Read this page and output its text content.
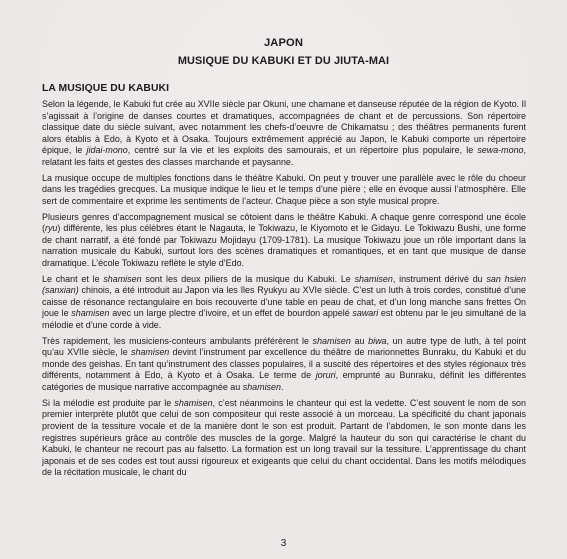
JAPON
MUSIQUE DU KABUKI ET DU JIUTA-MAI
LA MUSIQUE DU KABUKI

Selon la légende, le Kabuki fut crée au XVIIe siècle par Okuni, une chamane et danseuse réputée de la région de Kyoto. Il s’agissait à l’origine de danses courtes et dramatiques, accompagnées de chant et de percussions. Son répertoire classique date du siècle suivant, avec notamment les chefs-d’oeuvre de Chikamatsu ; des théâtres permanents furent alors établis à Edo, à Kyoto et à Osaka. Toujours extrêmement apprécié au Japon, le Kabuki comporte un répertoire épique, le jidai-mono, centré sur la vie et les exploits des samourais, et un répertoire plus populaire, le sewa-mono, relatant les faits et gestes des classes marchande et paysanne.

La musique occupe de multiples fonctions dans le théâtre Kabuki. On peut y trouver une parallèle avec le rôle du choeur dans les tragédies grecques. La musique indique le lieu et le temps d’une pière ; elle en évoque aussi l’atmosphère. Elle sert de commentaire et exprime les sentiments de l’acteur. Chaque pièce a son style musical propre.

Plusieurs genres d’accompagnement musical se côtoient dans le théâtre Kabuki. A chaque genre correspond une école (ryu) différente, les plus célèbres étant le Nagauta, le Tokiwazu, le Kiyomoto et le Gidayu. Le Tokiwazu Bushi, une forme de chant narratif, a été fondé par Tokiwazu Mojidayu (1709-1781). La musique Tokiwazu joue un rôle important dans la narration musicale du Kabuki, surtout lors des scènes dramatiques et romantiques, et en tant que musique de danse dramatique. L’école Tokiwazu reflète le style d’Edo.

Le chant et le shamisen sont les deux piliers de la musique du Kabuki. Le shamisen, instrument dérivé du san hsien (sanxian) chinois, a été introduit au Japon via les îles Ryukyu au XVIe siècle. C’est un luth à trois cordes, constitué d’une caisse de résonance rectangulaire en bois recouverte d’une table en peau de chat, et d’un long manche sans frettes On joue le shamisen avec un large plectre d’ivoire, et un effet de bourdon appelé sawari est obtenu par le jeu simultané de la mélodie et d’une corde à vide.

Très rapidement, les musiciens-conteurs ambulants préférèrent le shamisen au biwa, un autre type de luth, à tel point qu’au XVIIe siècle, le shamisen devint l’instrument par excellence du théâtre de marionnettes Bunraku, du Kabuki et du monde des geishas. En tant qu’instrument des classes populaires, il a suscité des répertoires et des styles régionaux très différents, notamment à Edo, à Kyoto et à Osaka. Le terme de joruri, emprunté au Bunraku, définit les différentes catégories de musique narrative accompagnée au shamisen.

Si la mélodie est produite par le shamisen, c’est néanmoins le chanteur qui est la vedette. C’est souvent le nom de son premier interprète plutôt que celui de son compositeur qui reste associé à un morceau. La spécificité du chant japonais provient de la tessiture vocale et de la manière dont le son est produit. Partant de l’abdomen, le son monte dans les registres supérieurs grâce au contrôle des muscles de la gorge. Malgré la hauteur du son qui caractérise le chant du Kabuki, le chanteur ne recourt pas au falsetto. La formation est un long travail sur la tessiture. L’apprentissage du chant japonais et de ses codes est tout aussi rigoureux et exigeants que celui du chant occidental. Dans les motifs mélodiques de la récitation musicale, le chant du

3
